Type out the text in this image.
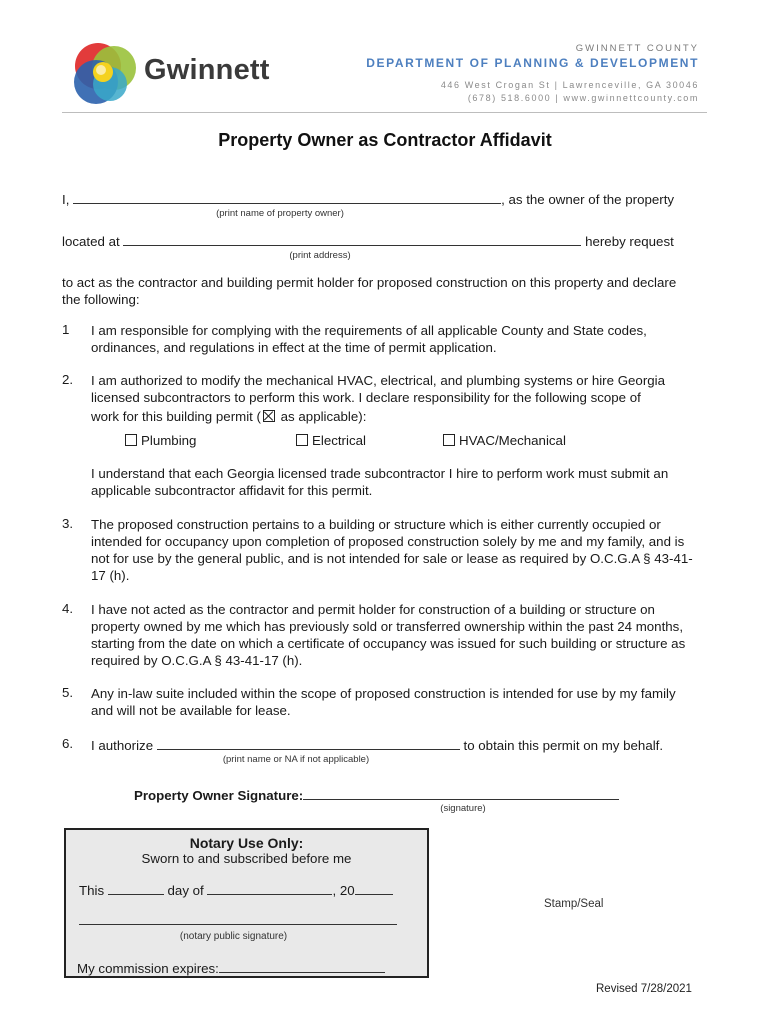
Gwinnett
GWINNETT COUNTY
DEPARTMENT OF PLANNING & DEVELOPMENT
446 West Crogan St | Lawrenceville, GA 30046
(678) 518.6000 | www.gwinnettcounty.com
Property Owner as Contractor Affidavit
I,	, as the owner of the property
(print name of property owner)
located at	hereby request
(print address)
to act as the contractor and building permit holder for proposed construction on this property and declare the following:
1 I am responsible for complying with the requirements of all applicable County and State codes, ordinances, and regulations in effect at the time of permit application.
2. I am authorized to modify the mechanical HVAC, electrical, and plumbing systems or hire Georgia licensed subcontractors to perform this work. I declare responsibility for the following scope of
work for this building permit ( as applicable):
Plumbing	Electrical	HVAC/Mechanical
I understand that each Georgia licensed trade subcontractor I hire to perform work must submit an applicable subcontractor affidavit for this permit.
3. The proposed construction pertains to a building or structure which is either currently occupied or intended for occupancy upon completion of proposed construction solely by me and my family, and is not for use by the general public, and is not intended for sale or lease as required by O.C.G.A § 43-41-17 (h).
4. I have not acted as the contractor and permit holder for construction of a building or structure on property owned by me which has previously sold or transferred ownership within the past 24 months, starting from the date on which a certificate of occupancy was issued for such building or structure as required by O.C.G.A § 43-41-17 (h).
5. Any in-law suite included within the scope of proposed construction is intended for use by my family and will not be available for lease.
6. I authorize	to obtain this permit on my behalf.
(print name or NA if not applicable)
Property Owner Signature:
(signature)
Notary Use Only:
Sworn to and subscribed before me
This	day of	, 20
(notary public signature)
My commission expires:
Stamp/Seal
Revised 7/28/2021
